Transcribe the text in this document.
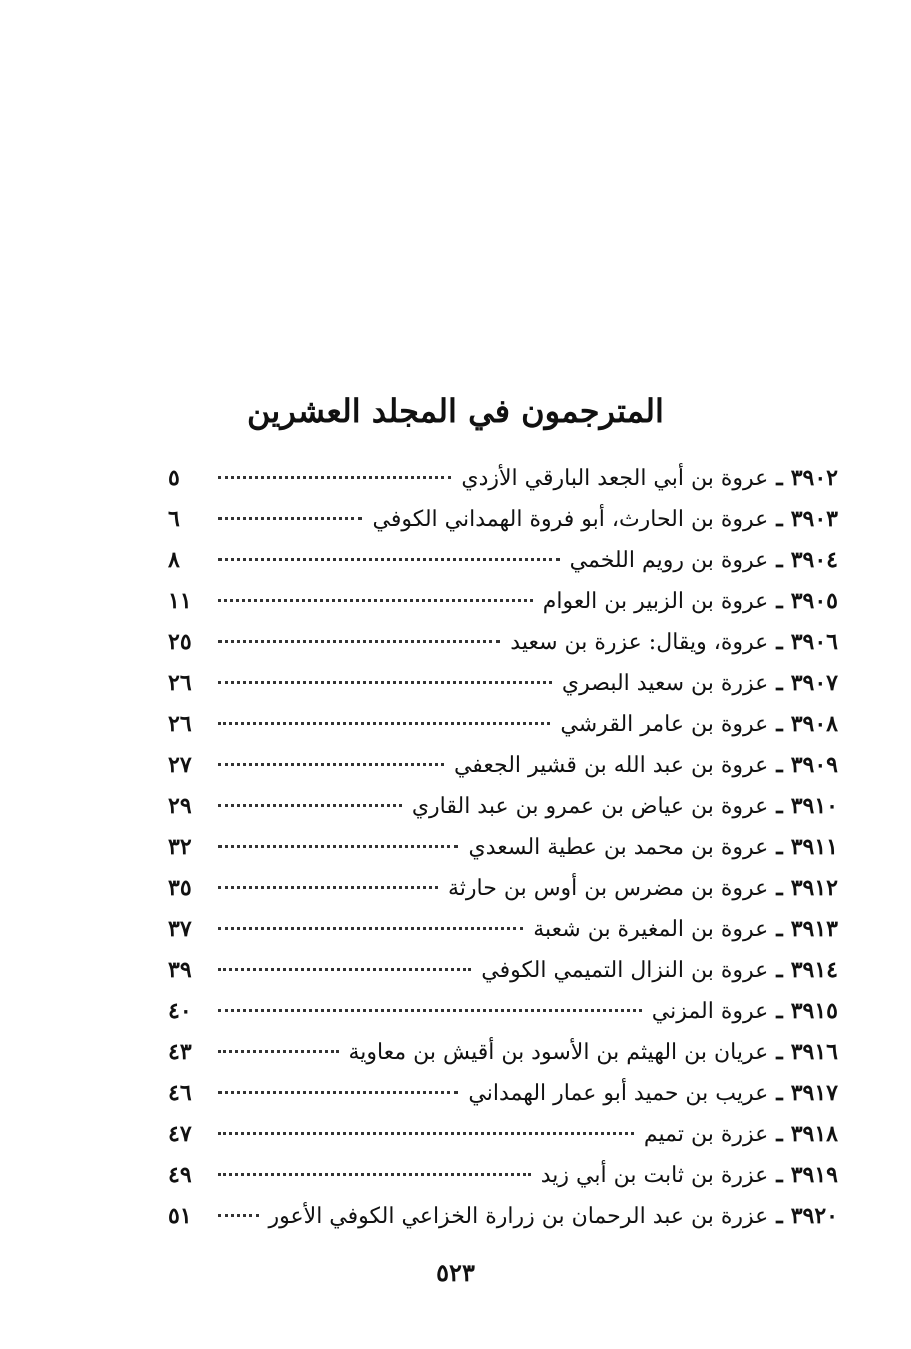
المترجمون في المجلد العشرين
٣٩٠٢
ـ
عروة بن أبي الجعد البارقي الأزدي
٥
٣٩٠٣
ـ
عروة بن الحارث، أبو فروة الهمداني الكوفي
٦
٣٩٠٤
ـ
عروة بن رويم اللخمي
٨
٣٩٠٥
ـ
عروة بن الزبير بن العوام
١١
٣٩٠٦
ـ
عروة، ويقال: عزرة بن سعيد
٢٥
٣٩٠٧
ـ
عزرة بن سعيد البصري
٢٦
٣٩٠٨
ـ
عروة بن عامر القرشي
٢٦
٣٩٠٩
ـ
عروة بن عبد الله بن قشير الجعفي
٢٧
٣٩١٠
ـ
عروة بن عياض بن عمرو بن عبد القاري
٢٩
٣٩١١
ـ
عروة بن محمد بن عطية السعدي
٣٢
٣٩١٢
ـ
عروة بن مضرس بن أوس بن حارثة
٣٥
٣٩١٣
ـ
عروة بن المغيرة بن شعبة
٣٧
٣٩١٤
ـ
عروة بن النزال التميمي الكوفي
٣٩
٣٩١٥
ـ
عروة المزني
٤٠
٣٩١٦
ـ
عريان بن الهيثم بن الأسود بن أقيش بن معاوية
٤٣
٣٩١٧
ـ
عريب بن حميد أبو عمار الهمداني
٤٦
٣٩١٨
ـ
عزرة بن تميم
٤٧
٣٩١٩
ـ
عزرة بن ثابت بن أبي زيد
٤٩
٣٩٢٠
ـ
عزرة بن عبد الرحمان بن زرارة الخزاعي الكوفي الأعور
٥١
٥٢٣
